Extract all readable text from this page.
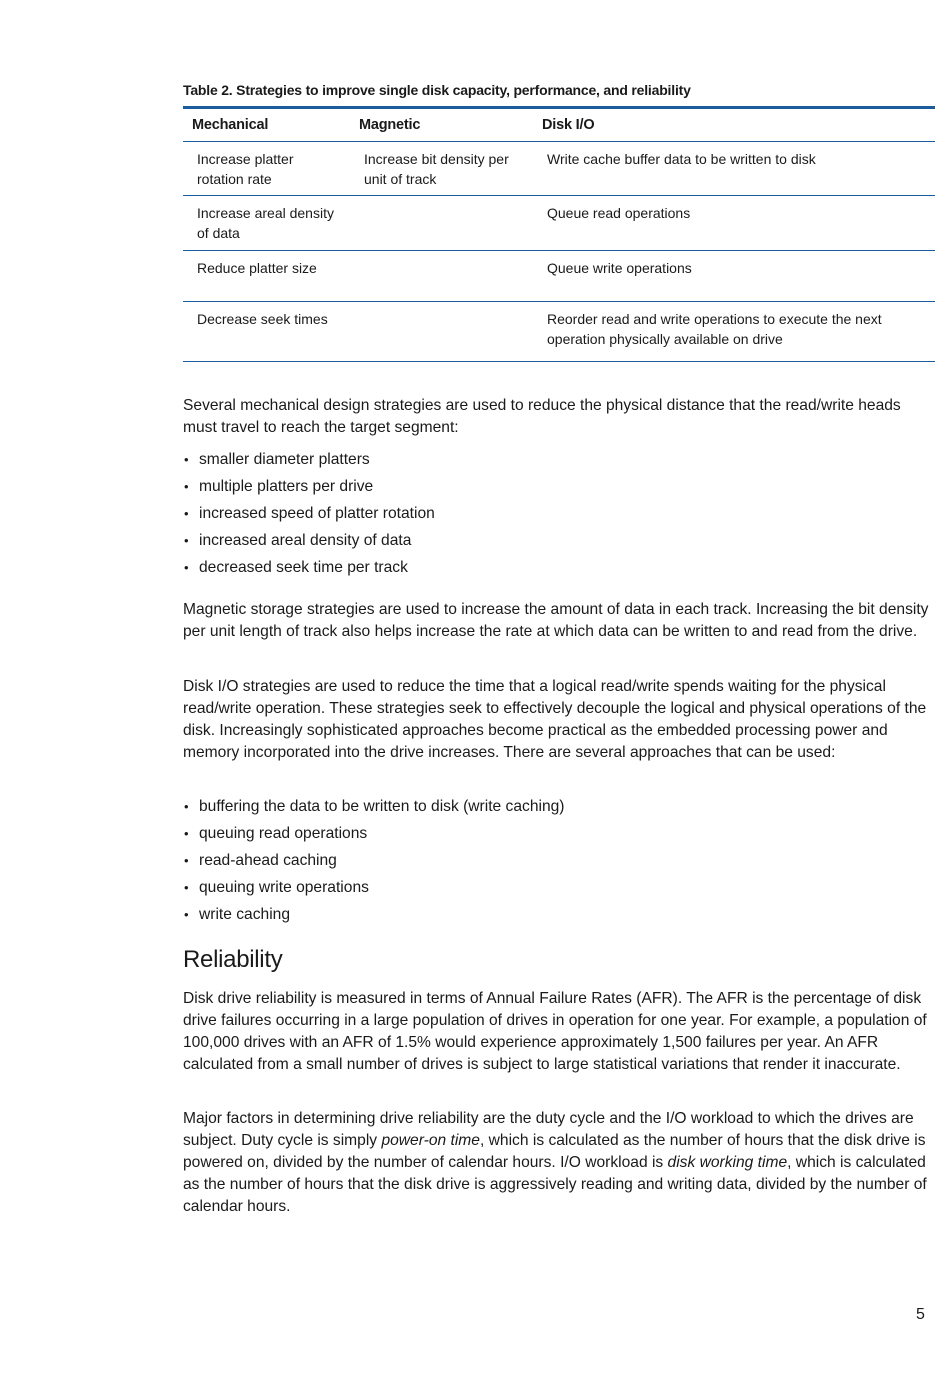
Table 2. Strategies to improve single disk capacity, performance, and reliability
Mechanical	Magnetic	Disk I/O
Increase platter rotation rate	Increase bit density per unit of track	Write cache buffer data to be written to disk
Increase areal density of data		Queue read operations
Reduce platter size		Queue write operations
Decrease seek times		Reorder read and write operations to execute the next operation physically available on drive

Several mechanical design strategies are used to reduce the physical distance that the read/write heads must travel to reach the target segment:

• smaller diameter platters
• multiple platters per drive
• increased speed of platter rotation
• increased areal density of data
• decreased seek time per track

Magnetic storage strategies are used to increase the amount of data in each track. Increasing the bit density per unit length of track also helps increase the rate at which data can be written to and read from the drive.

Disk I/O strategies are used to reduce the time that a logical read/write spends waiting for the physical read/write operation. These strategies seek to effectively decouple the logical and physical operations of the disk. Increasingly sophisticated approaches become practical as the embedded processing power and memory incorporated into the drive increases. There are several approaches that can be used:

• buffering the data to be written to disk (write caching)
• queuing read operations
• read-ahead caching
• queuing write operations
• write caching
Reliability

Disk drive reliability is measured in terms of Annual Failure Rates (AFR). The AFR is the percentage of disk drive failures occurring in a large population of drives in operation for one year. For example, a population of 100,000 drives with an AFR of 1.5% would experience approximately 1,500 failures per year. An AFR calculated from a small number of drives is subject to large statistical variations that render it inaccurate.

Major factors in determining drive reliability are the duty cycle and the I/O workload to which the drives are subject. Duty cycle is simply power-on time, which is calculated as the number of hours that the disk drive is powered on, divided by the number of calendar hours. I/O workload is disk working time, which is calculated as the number of hours that the disk drive is aggressively reading and writing data, divided by the number of calendar hours.

5
